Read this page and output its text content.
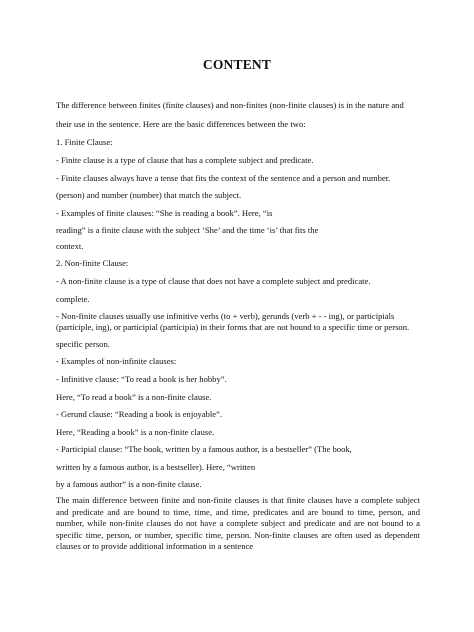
CONTENT
The difference between finites (finite clauses) and non-finites (non-finite clauses) is in the nature and
their use in the sentence. Here are the basic differences between the two:
1. Finite Clause:
- Finite clause is a type of clause that has a complete subject and predicate.
- Finite clauses always have a tense that fits the context of the sentence and a person and number.
(person) and number (number) that match the subject.
- Examples of finite clauses: “She is reading a book”. Here, “is
reading” is a finite clause with the subject ‘She’ and the time ‘is’ that fits the
context.
2. Non-finite Clause:
- A non-finite clause is a type of clause that does not have a complete subject and predicate.
complete.
- Non-finite clauses usually use infinitive verbs (to + verb), gerunds (verb + - - ing), or participials
(participle, ing), or participial (participia) in their forms that are not bound to a specific time or person.
specific person.
- Examples of non-infinite clauses:
- Infinitive clause: “To read a book is her hobby”.
Here, “To read a book” is a non-finite clause.
- Gerund clause: “Reading a book is enjoyable”.
Here, “Reading a book” is a non-finite clause.
- Participial clause: “The book, written by a famous author, is a bestseller” (The book,
written by a famous author, is a bestseller). Here, “written
by a famous author” is a non-finite clause.
The main difference between finite and non-finite clauses is that finite clauses have a complete subject and predicate and are bound to time, time, and time, predicates and are bound to time, person, and number, while non-finite clauses do not have a complete subject and predicate and are not bound to a specific time, person, or number, specific time, person. Non-finite clauses are often used as dependent clauses or to provide additional information in a sentence
